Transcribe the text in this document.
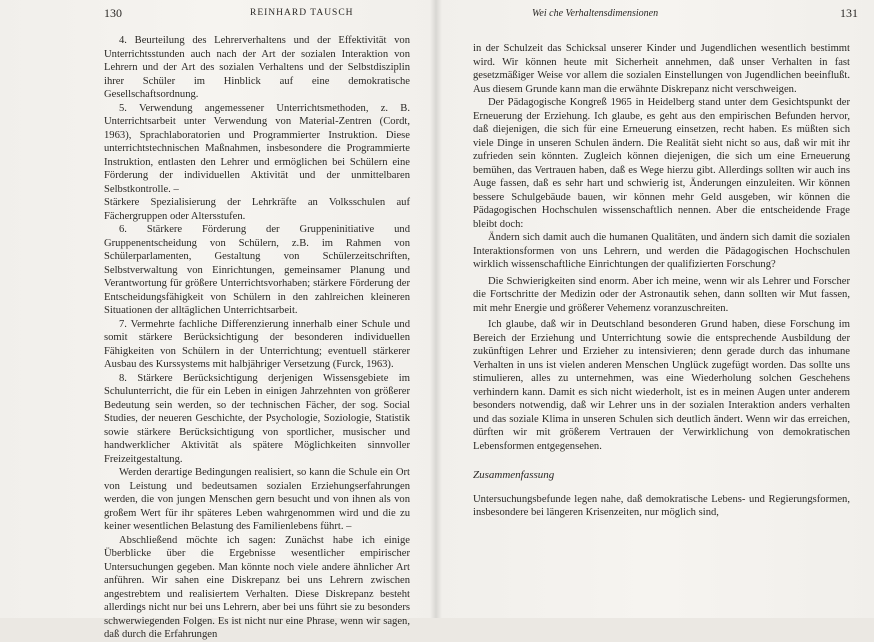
130	REINHARD TAUSCH

4. Beurteilung des Lehrerverhaltens und der Effektivität von Unterrichtsstunden auch nach der Art der sozialen Interaktion von Lehrern und der Art des sozialen Verhaltens und der Selbstdisziplin ihrer Schüler im Hinblick auf eine demokratische Gesellschaftsordnung.

5. Verwendung angemessener Unterrichtsmethoden, z. B. Unterrichtsarbeit unter Verwendung von Material-Zentren (Cordt, 1963), Sprachlaboratorien und Programmierter Instruktion. Diese unterrichtstechnischen Maßnahmen, insbesondere die Programmierte Instruktion, entlasten den Lehrer und ermöglichen bei Schülern eine Förderung der individuellen Aktivität und der unmittelbaren Selbstkontrolle. –

Stärkere Spezialisierung der Lehrkräfte an Volksschulen auf Fächergruppen oder Altersstufen.

6. Stärkere Förderung der Gruppeninitiative und Gruppenentscheidung von Schülern, z.B. im Rahmen von Schülerparlamenten, Gestaltung von Schülerzeitschriften, Selbstverwaltung von Einrichtungen, gemeinsamer Planung und Verantwortung für größere Unterrichtsvorhaben; stärkere Förderung der Entscheidungsfähigkeit von Schülern in den zahlreichen kleineren Situationen der alltäglichen Unterrichtsarbeit.

7. Vermehrte fachliche Differenzierung innerhalb einer Schule und somit stärkere Berücksichtigung der besonderen individuellen Fähigkeiten von Schülern in der Unterrichtung; eventuell stärkerer Ausbau des Kurssystems mit halbjähriger Versetzung (Furck, 1963).

8. Stärkere Berücksichtigung derjenigen Wissensgebiete im Schulunterricht, die für ein Leben in einigen Jahrzehnten von größerer Bedeutung sein werden, so der technischen Fächer, der sog. Social Studies, der neueren Geschichte, der Psychologie, Soziologie, Statistik sowie stärkere Berücksichtigung von sportlicher, musischer und handwerklicher Aktivität als spätere Möglichkeiten sinnvoller Freizeitgestaltung.

Werden derartige Bedingungen realisiert, so kann die Schule ein Ort von Leistung und bedeutsamen sozialen Erziehungserfahrungen werden, die von jungen Menschen gern besucht und von ihnen als von großem Wert für ihr späteres Leben wahrgenommen wird und die zu keiner wesentlichen Belastung des Familienlebens führt. –

Abschließend möchte ich sagen: Zunächst habe ich einige Überblicke über die Ergebnisse wesentlicher empirischer Untersuchungen gegeben. Man könnte noch viele andere ähnlicher Art anführen. Wir sahen eine Diskrepanz bei uns Lehrern zwischen angestrebtem und realisiertem Verhalten. Diese Diskrepanz besteht allerdings nicht nur bei uns Lehrern, aber bei uns führt sie zu besonders schwerwiegenden Folgen. Es ist nicht nur eine Phrase, wenn wir sagen, daß durch die Erfahrungen

Wei che Verhaltensdimensionen	131

in der Schulzeit das Schicksal unserer Kinder und Jugendlichen wesentlich bestimmt wird. Wir können heute mit Sicherheit annehmen, daß unser Verhalten in fast gesetzmäßiger Weise vor allem die sozialen Einstellungen von Jugendlichen beeinflußt. Aus diesem Grunde kann man die erwähnte Diskrepanz nicht verschweigen.

Der Pädagogische Kongreß 1965 in Heidelberg stand unter dem Gesichtspunkt der Erneuerung der Erziehung. Ich glaube, es geht aus den empirischen Befunden hervor, daß diejenigen, die sich für eine Erneuerung einsetzen, recht haben. Es müßten sich viele Dinge in unseren Schulen ändern. Die Realität sieht nicht so aus, daß wir mit ihr zufrieden sein könnten. Zugleich können diejenigen, die sich um eine Erneuerung bemühen, das Vertrauen haben, daß es Wege hierzu gibt. Allerdings sollten wir auch ins Auge fassen, daß es sehr hart und schwierig ist, Änderungen einzuleiten. Wir können bessere Schulgebäude bauen, wir können mehr Geld ausgeben, wir können die Pädagogischen Hochschulen wissenschaftlich nennen. Aber die entscheidende Frage bleibt doch:

Ändern sich damit auch die humanen Qualitäten, und ändern sich damit die sozialen Interaktionsformen von uns Lehrern, und werden die Pädagogischen Hochschulen wirklich wissenschaftliche Einrichtungen der qualifizierten Forschung?

Die Schwierigkeiten sind enorm. Aber ich meine, wenn wir als Lehrer und Forscher die Fortschritte der Medizin oder der Astronautik sehen, dann sollten wir Mut fassen, mit mehr Energie und größerer Vehemenz voranzuschreiten.

Ich glaube, daß wir in Deutschland besonderen Grund haben, diese Forschung im Bereich der Erziehung und Unterrichtung sowie die entsprechende Ausbildung der zukünftigen Lehrer und Erzieher zu intensivieren; denn gerade durch das inhumane Verhalten in uns ist vielen anderen Menschen Unglück zugefügt worden. Das sollte uns stimulieren, alles zu unternehmen, was eine Wiederholung solchen Geschehens verhindern kann. Damit es sich nicht wiederholt, ist es in meinen Augen unter anderem besonders notwendig, daß wir Lehrer uns in der sozialen Interaktion anders verhalten und das soziale Klima in unseren Schulen sich deutlich ändert. Wenn wir das erreichen, dürften wir mit größerem Vertrauen der Verwirklichung von demokratischen Lebensformen entgegensehen.

Zusammenfassung

Untersuchungsbefunde legen nahe, daß demokratische Lebens- und Regierungsformen, insbesondere bei längeren Krisenzeiten, nur möglich sind,
